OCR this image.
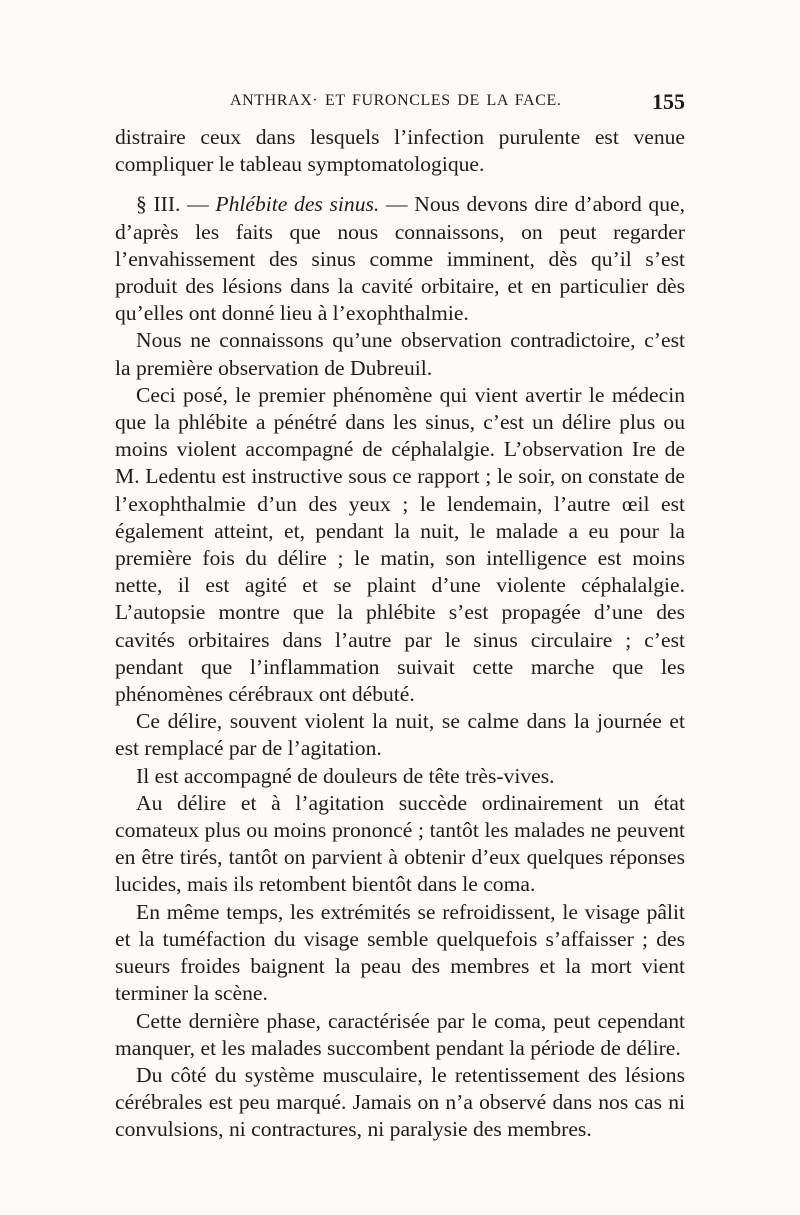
ANTHRAX· ET FURONCLES DE LA FACE.	155

distraire ceux dans lesquels l’infection purulente est venue compliquer le tableau symptomatologique.

§ III. — Phlébite des sinus. — Nous devons dire d’abord que, d’après les faits que nous connaissons, on peut regarder l’envahissement des sinus comme imminent, dès qu’il s’est produit des lésions dans la cavité orbitaire, et en particulier dès qu’elles ont donné lieu à l’exophthalmie.

Nous ne connaissons qu’une observation contradictoire, c’est la première observation de Dubreuil.

Ceci posé, le premier phénomène qui vient avertir le médecin que la phlébite a pénétré dans les sinus, c’est un délire plus ou moins violent accompagné de céphalalgie. L’observation Ire de M. Ledentu est instructive sous ce rapport ; le soir, on constate de l’exophthalmie d’un des yeux ; le lendemain, l’autre œil est également atteint, et, pendant la nuit, le malade a eu pour la première fois du délire ; le matin, son intelligence est moins nette, il est agité et se plaint d’une violente céphalalgie. L’autopsie montre que la phlébite s’est propagée d’une des cavités orbitaires dans l’autre par le sinus circulaire ; c’est pendant que l’inflammation suivait cette marche que les phénomènes cérébraux ont débuté.

Ce délire, souvent violent la nuit, se calme dans la journée et est remplacé par de l’agitation.

Il est accompagné de douleurs de tête très-vives.

Au délire et à l’agitation succède ordinairement un état comateux plus ou moins prononcé ; tantôt les malades ne peuvent en être tirés, tantôt on parvient à obtenir d’eux quelques réponses lucides, mais ils retombent bientôt dans le coma.

En même temps, les extrémités se refroidissent, le visage pâlit et la tuméfaction du visage semble quelquefois s’affaisser ; des sueurs froides baignent la peau des membres et la mort vient terminer la scène.

Cette dernière phase, caractérisée par le coma, peut cependant manquer, et les malades succombent pendant la période de délire.

Du côté du système musculaire, le retentissement des lésions cérébrales est peu marqué. Jamais on n’a observé dans nos cas ni convulsions, ni contractures, ni paralysie des membres.
